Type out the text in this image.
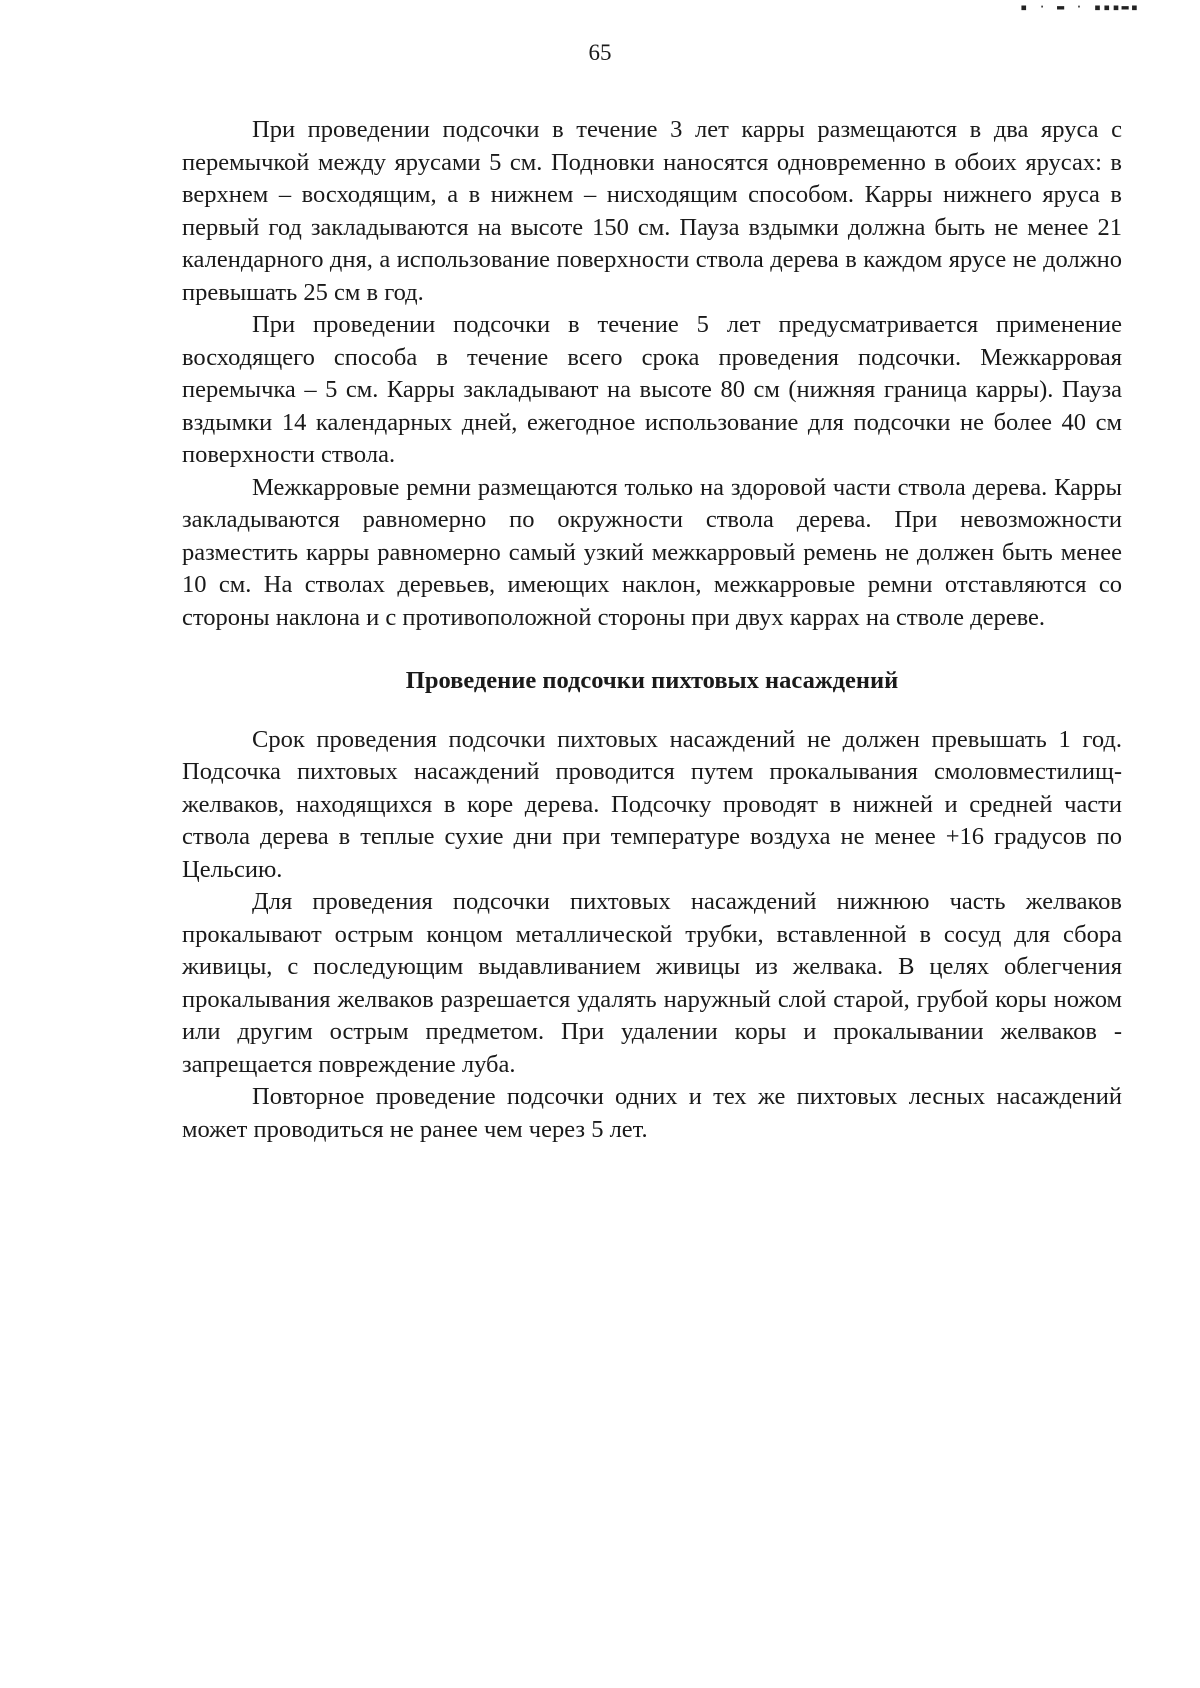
▪ · ▬ · ▪▪▪▬▪
65

При проведении подсочки в течение 3 лет карры размещаются в два яруса с перемычкой между ярусами 5 см. Подновки наносятся одновременно в обоих ярусах: в верхнем – восходящим, а в нижнем – нисходящим способом. Карры нижнего яруса в первый год закладываются на высоте 150 см. Пауза вздымки должна быть не менее 21 календарного дня, а использование поверхности ствола дерева в каждом ярусе не должно превышать 25 см в год.

При проведении подсочки в течение 5 лет предусматривается применение восходящего способа в течение всего срока проведения подсочки. Межкарровая перемычка – 5 см. Карры закладывают на высоте 80 см (нижняя граница карры). Пауза вздымки 14 календарных дней, ежегодное использование для подсочки не более 40 см поверхности ствола.

Межкарровые ремни размещаются только на здоровой части ствола дерева. Карры закладываются равномерно по окружности ствола дерева. При невозможности разместить карры равномерно самый узкий межкарровый ремень не должен быть менее 10 см. На стволах деревьев, имеющих наклон, межкарровые ремни отставляются со стороны наклона и с противоположной стороны при двух каррах на стволе дереве.

Проведение подсочки пихтовых насаждений

Срок проведения подсочки пихтовых насаждений не должен превышать 1 год. Подсочка пихтовых насаждений проводится путем прокалывания смоловместилищ-желваков, находящихся в коре дерева. Подсочку проводят в нижней и средней части ствола дерева в теплые сухие дни при температуре воздуха не менее +16 градусов по Цельсию.

Для проведения подсочки пихтовых насаждений нижнюю часть желваков прокалывают острым концом металлической трубки, вставленной в сосуд для сбора живицы, с последующим выдавливанием живицы из желвака. В целях облегчения прокалывания желваков разрешается удалять наружный слой старой, грубой коры ножом или другим острым предметом. При удалении коры и прокалывании желваков - запрещается повреждение луба.

Повторное проведение подсочки одних и тех же пихтовых лесных насаждений может проводиться не ранее чем через 5 лет.
